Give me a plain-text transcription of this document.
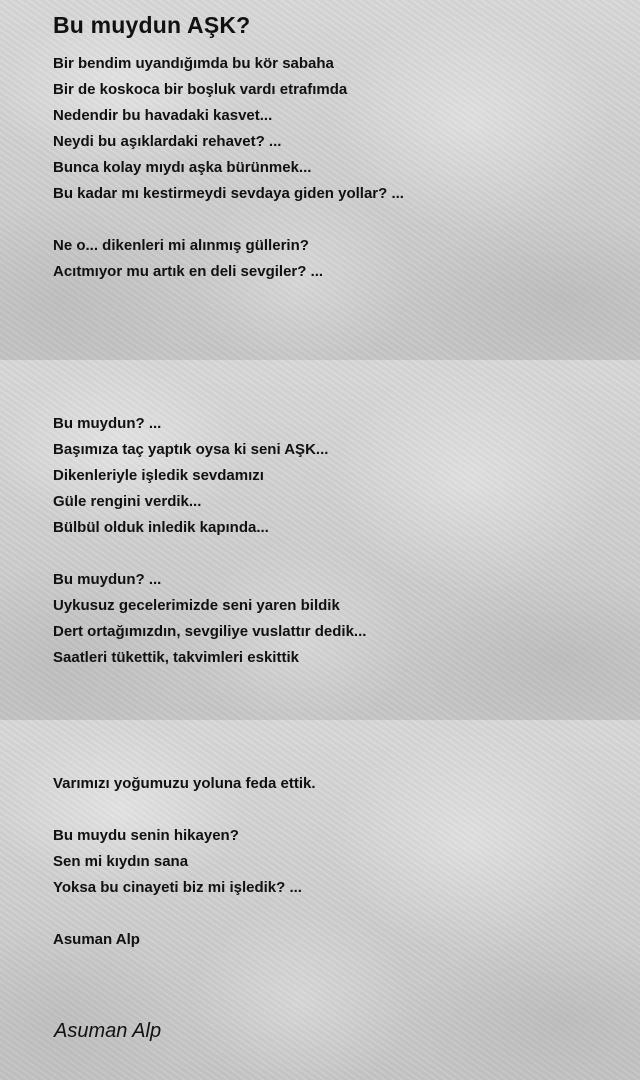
Bu muydun AŞK?
Bir bendim uyandığımda bu kör sabaha
Bir de koskoca bir boşluk vardı etrafımda
Nedendir bu havadaki kasvet...
Neydi bu aşıklardaki rehavet? ...
Bunca kolay mıydı aşka bürünmek...
Bu kadar mı kestirmeydi sevdaya giden yollar? ...
Ne o... dikenleri mi alınmış güllerin?
Acıtmıyor mu artık en deli sevgiler? ...
Bu muydun? ...
Başımıza taç yaptık oysa ki seni AŞK...
Dikenleriyle işledik sevdamızı
Güle rengini verdik...
Bülbül olduk inledik kapında...
Bu muydun? ...
Uykusuz gecelerimizde seni yaren bildik
Dert ortağımızdın, sevgiliye vuslattır dedik...
Saatleri tükettik, takvimleri eskittik
Varımızı yoğumuzu yoluna feda ettik.
Bu muydu senin hikayen?
Sen mi kıydın sana
Yoksa bu cinayeti biz mi işledik? ...
Asuman Alp
Asuman Alp
